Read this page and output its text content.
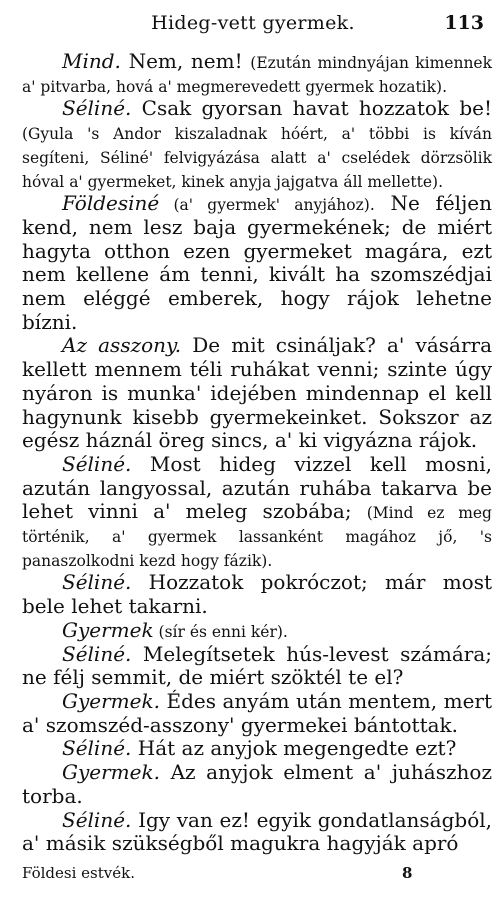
Hideg-vett gyermek.	113

Mind. Nem, nem! (Ezután mindnyájan kimennek a' pitvarba, hová a' megmerevedett gyermek hozatik).

Séliné. Csak gyorsan havat hozzatok be! (Gyula 's Andor kiszaladnak hóért, a' többi is kíván segíteni, Séliné' felvigyázása alatt a' cselédek dörzsölik hóval a' gyermeket, kinek anyja jajgatva áll mellette).

Földesiné (a' gyermek' anyjához). Ne féljen kend, nem lesz baja gyermekének; de miért hagyta otthon ezen gyermeket magára, ezt nem kellene ám tenni, kivált ha szomszédjai nem eléggé emberek, hogy rájok lehetne bízni.

Az asszony. De mit csináljak? a' vásárra kellett mennem téli ruhákat venni; szinte úgy nyáron is munka' idejében mindennap el kell hagynunk kisebb gyermekeinket. Sokszor az egész háznál öreg sincs, a' ki vigyázna rájok.

Séliné. Most hideg vizzel kell mosni, azután langyossal, azután ruhába takarva be lehet vinni a' meleg szobába; (Mind ez meg történik, a' gyermek lassanként magához jő, 's panaszolkodni kezd hogy fázik).

Séliné. Hozzatok pokróczot; már most bele lehet takarni.

Gyermek (sír és enni kér).

Séliné. Melegítsetek hús-levest számára; ne félj semmit, de miért szöktél te el?

Gyermek. Édes anyám után mentem, mert a' szomszéd-asszony' gyermekei bántottak.

Séliné. Hát az anyjok megengedte ezt?

Gyermek. Az anyjok elment a' juhászhoz torba.

Séliné. Igy van ez! egyik gondatlanságból, a' másik szükségből magukra hagyják apró

Földesi estvék.	8
